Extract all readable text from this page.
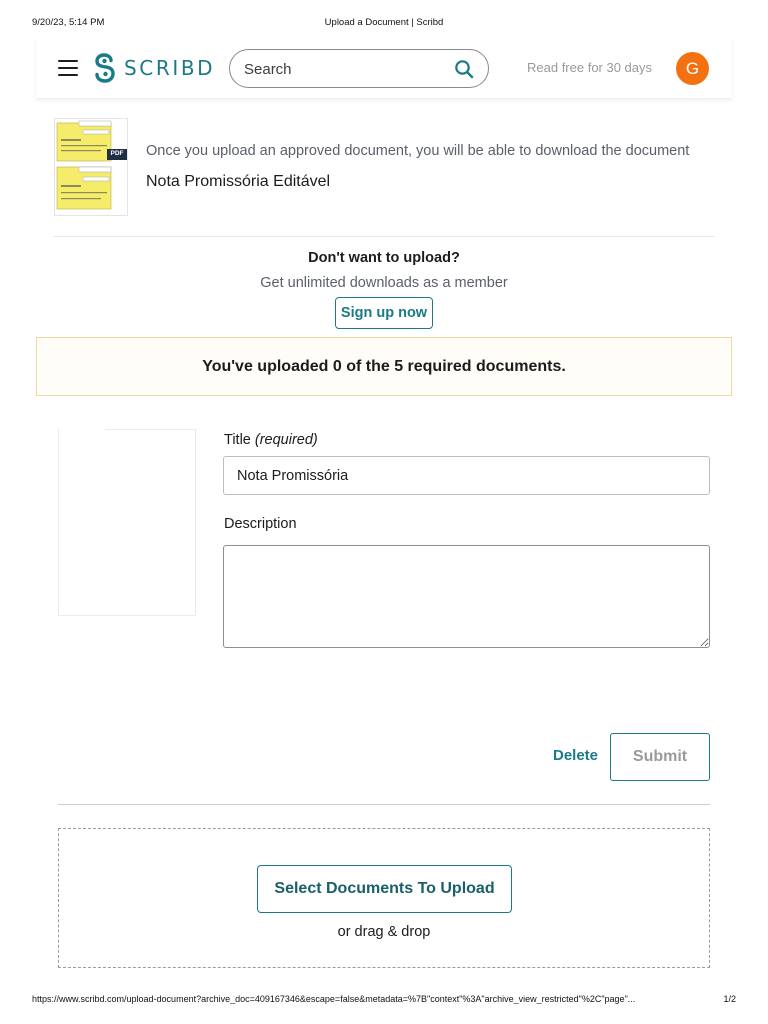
9/20/23, 5:14 PM	Upload a Document | Scribd
SCRIBD
Search	Read free for 30 days	G
PDF Once you upload an approved document, you will be able to download the document

Nota Promissória Editável

Don't want to upload?

Get unlimited downloads as a member

Sign up now
You've uploaded 0 of the 5 required documents.
Title (required)
Nota Promissória
Description
Delete	Submit
Select Documents To Upload

or drag & drop

https://www.scribd.com/upload-document?archive_doc=409167346&escape=false&metadata=%7B"context"%3A"archive_view_restricted"%2C"page"...	1/2
